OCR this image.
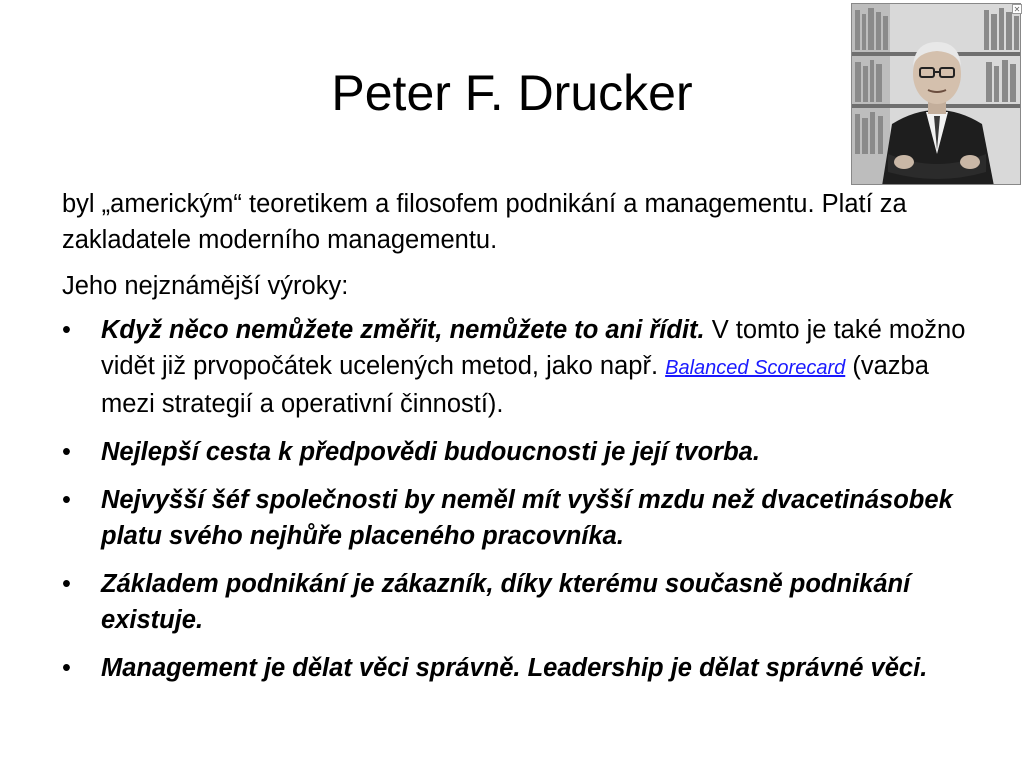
Peter F. Drucker
✕

byl „americkým“ teoretikem a filosofem podnikání a managementu. Platí za zakladatele moderního managementu.

Jeho nejznámější výroky:

• Když něco nemůžete změřit, nemůžete to ani řídit. V tomto je také možno vidět již prvopočátek ucelených metod, jako např. Balanced Scorecard (vazba mezi strategií a operativní činností).
• Nejlepší cesta k předpovědi budoucnosti je její tvorba.
• Nejvyšší šéf společnosti by neměl mít vyšší mzdu než dvacetinásobek platu svého nejhůře placeného pracovníka.
• Základem podnikání je zákazník, díky kterému současně podnikání existuje.
• Management je dělat věci správně. Leadership je dělat správné věci.
